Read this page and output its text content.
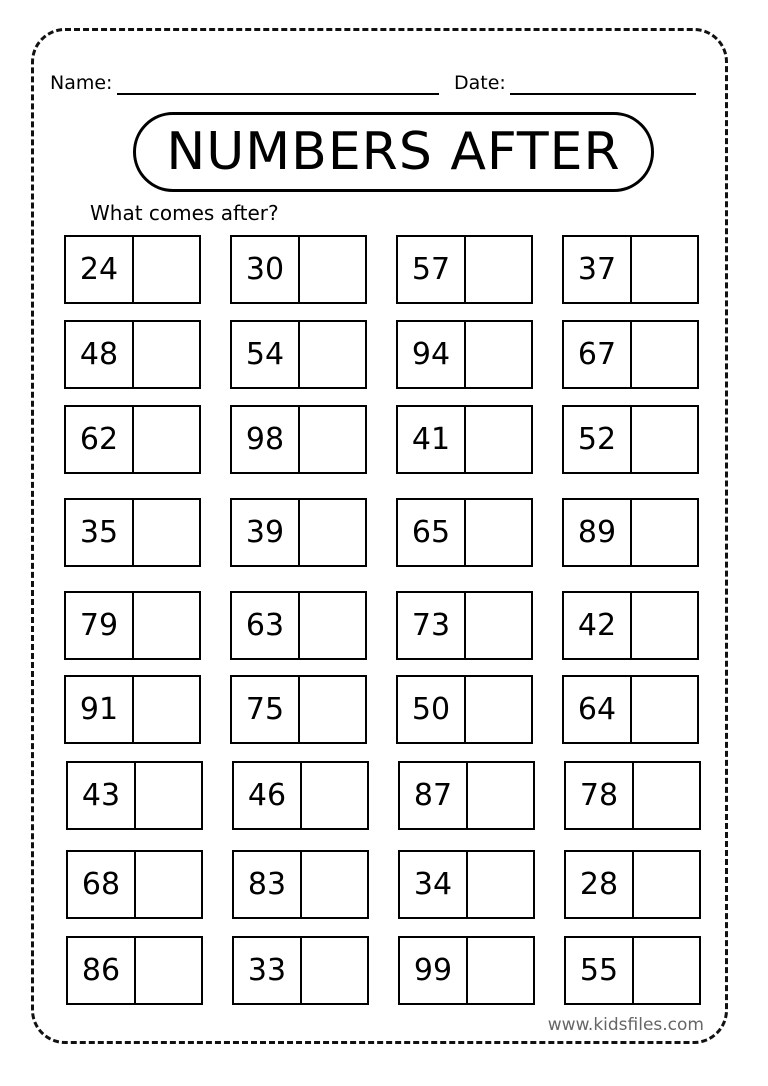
Name:	Date:
NUMBERS AFTER
What comes after?
24	30	57	37
48	54	94	67
62	98	41	52
35	39	65	89
79	63	73	42
91	75	50	64
43	46	87	78
68	83	34	28
86	33	99	55
www.kidsfiles.com
